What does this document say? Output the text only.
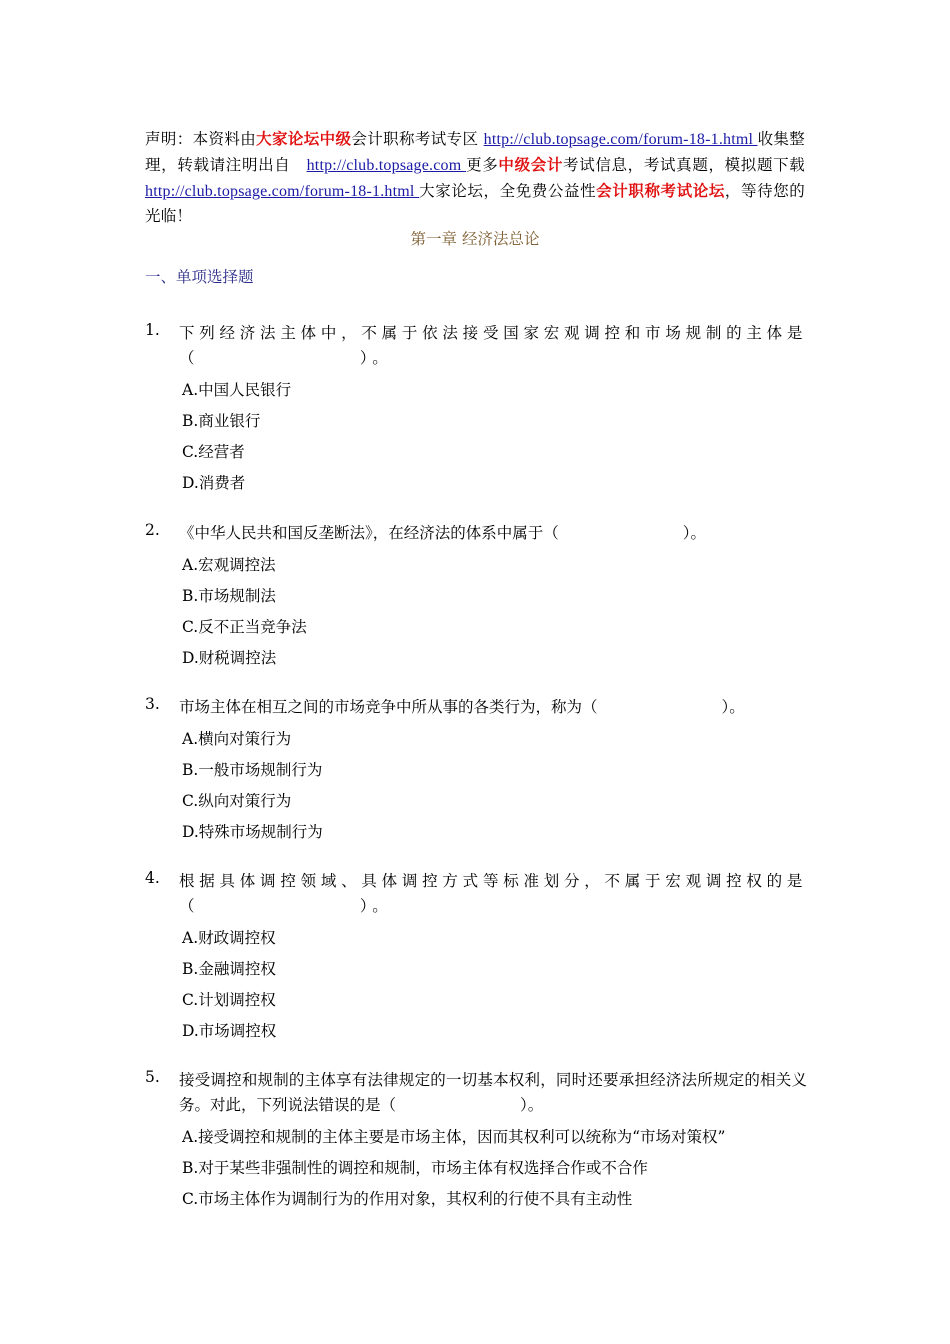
声明：本资料由大家论坛中级会计职称考试专区 http://club.topsage.com/forum-18-1.html 收集整理，转载请注明出自　http://club.topsage.com 更多中级会计考试信息，考试真题，模拟题下载 http://club.topsage.com/forum-18-1.html 大家论坛，全免费公益性会计职称考试论坛，等待您的光临！
第一章 经济法总论
一、单项选择题
1.	下列经济法主体中，不属于依法接受国家宏观调控和市场规制的主体是（　　　　　　　　）。
A.中国人民银行
B.商业银行
C.经营者
D.消费者
2.	《中华人民共和国反垄断法》，在经济法的体系中属于（　　　　　　　　）。
A.宏观调控法
B.市场规制法
C.反不正当竞争法
D.财税调控法
3.	市场主体在相互之间的市场竞争中所从事的各类行为，称为（　　　　　　　　）。
A.横向对策行为
B.一般市场规制行为
C.纵向对策行为
D.特殊市场规制行为
4.	根据具体调控领域、具体调控方式等标准划分，不属于宏观调控权的是（　　　　　　　　）。
A.财政调控权
B.金融调控权
C.计划调控权
D.市场调控权
5.	接受调控和规制的主体享有法律规定的一切基本权利，同时还要承担经济法所规定的相关义务。对此，下列说法错误的是（　　　　　　　　）。
A.接受调控和规制的主体主要是市场主体，因而其权利可以统称为“市场对策权”
B.对于某些非强制性的调控和规制，市场主体有权选择合作或不合作
C.市场主体作为调制行为的作用对象，其权利的行使不具有主动性
